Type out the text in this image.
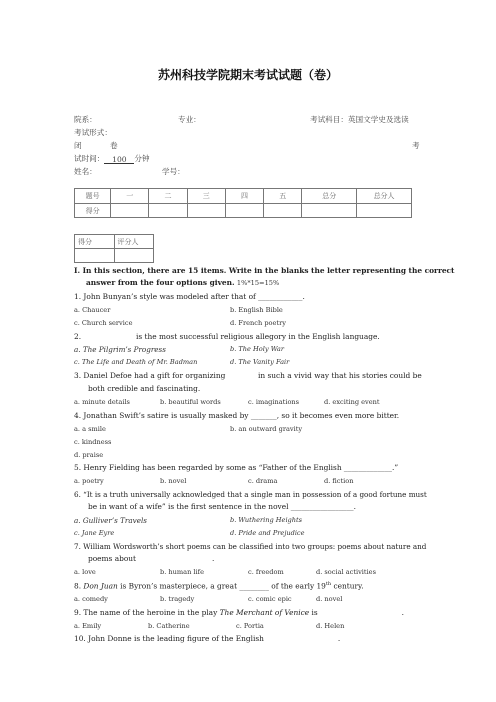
苏州科技学院期末考试试题（卷）
院系：	专业：	考试科目：英国文学史及选读
考试形式：
闭	卷	考
试时间： 100 分钟
姓名：	学号：
题号	一	二	三	四	五	总分	总分人
得分							
得分	评分人

I. In this section, there are 15 items. Write in the blanks the letter representing the correct
answer from the four options given. 1%*15=15%
1. John Bunyan’s style was modeled after that of ____________.
a. Chaucer	b. English Bible
c. Church service	d. French poetry
2.	is the most successful religious allegory in the English language.
a. The Pilgrim’s Progress	b. The Holy War
c. The Life and Death of Mr. Badman	d. The Vanity Fair
3. Daniel Defoe had a gift for organizing	in such a vivid way that his stories could be
both credible and fascinating.
a. minute details	b. beautiful words	c. imaginations	d. exciting event
4. Jonathan Swift’s satire is usually masked by _______, so it becomes even more bitter.
a. a smile	b. an outward gravity
c. kindness
d. praise
5. Henry Fielding has been regarded by some as “Father of the English _____________.”
a. poetry	b. novel	c. drama	d. fiction
6. “It is a truth universally acknowledged that a single man in possession of a good fortune must
be in want of a wife” is the first sentence in the novel _________________.
a. Gulliver’s Travels	b. Wuthering Heights
c. Jane Eyre	d. Pride and Prejudice
7. William Wordsworth’s short poems can be classified into two groups: poems about nature and
poems about	.
a. love	b. human life	c. freedom	d. social activities
8. Don Juan is Byron’s masterpiece, a great ________ of the early 19th century.
a. comedy	b. tragedy	c. comic epic	d. novel
9. The name of the heroine in the play The Merchant of Venice is	.
a. Emily	b. Catherine	c. Portia	d. Helen
10. John Donne is the leading figure of the English	.
